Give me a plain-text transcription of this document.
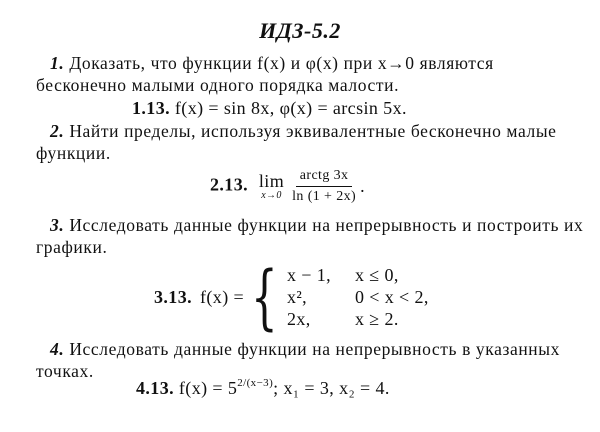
ИДЗ-5.2
1. Доказать, что функции f(x) и φ(x) при x→0 являются бесконечно малыми одного порядка малости.
1.13. f(x) = sin 8x, φ(x) = arcsin 5x.
2. Найти пределы, используя эквивалентные бесконечно малые функции.
2.13. lim
$x\to 0 \frac{\text{arctg 3x}}{\ln (1 + 2x)}$ .
3. Исследовать данные функции на непрерывность и построить их графики.
3.13. f(x) = { x − 1,	x ≤ 0,
x²,	0 < x < 2,
2x,	x ≥ 2.
4. Исследовать данные функции на непрерывность в указанных точках.
4.13. $f(x) = 5^{2/(x-3)}$; x₁ = 3, x₂ = 4.
